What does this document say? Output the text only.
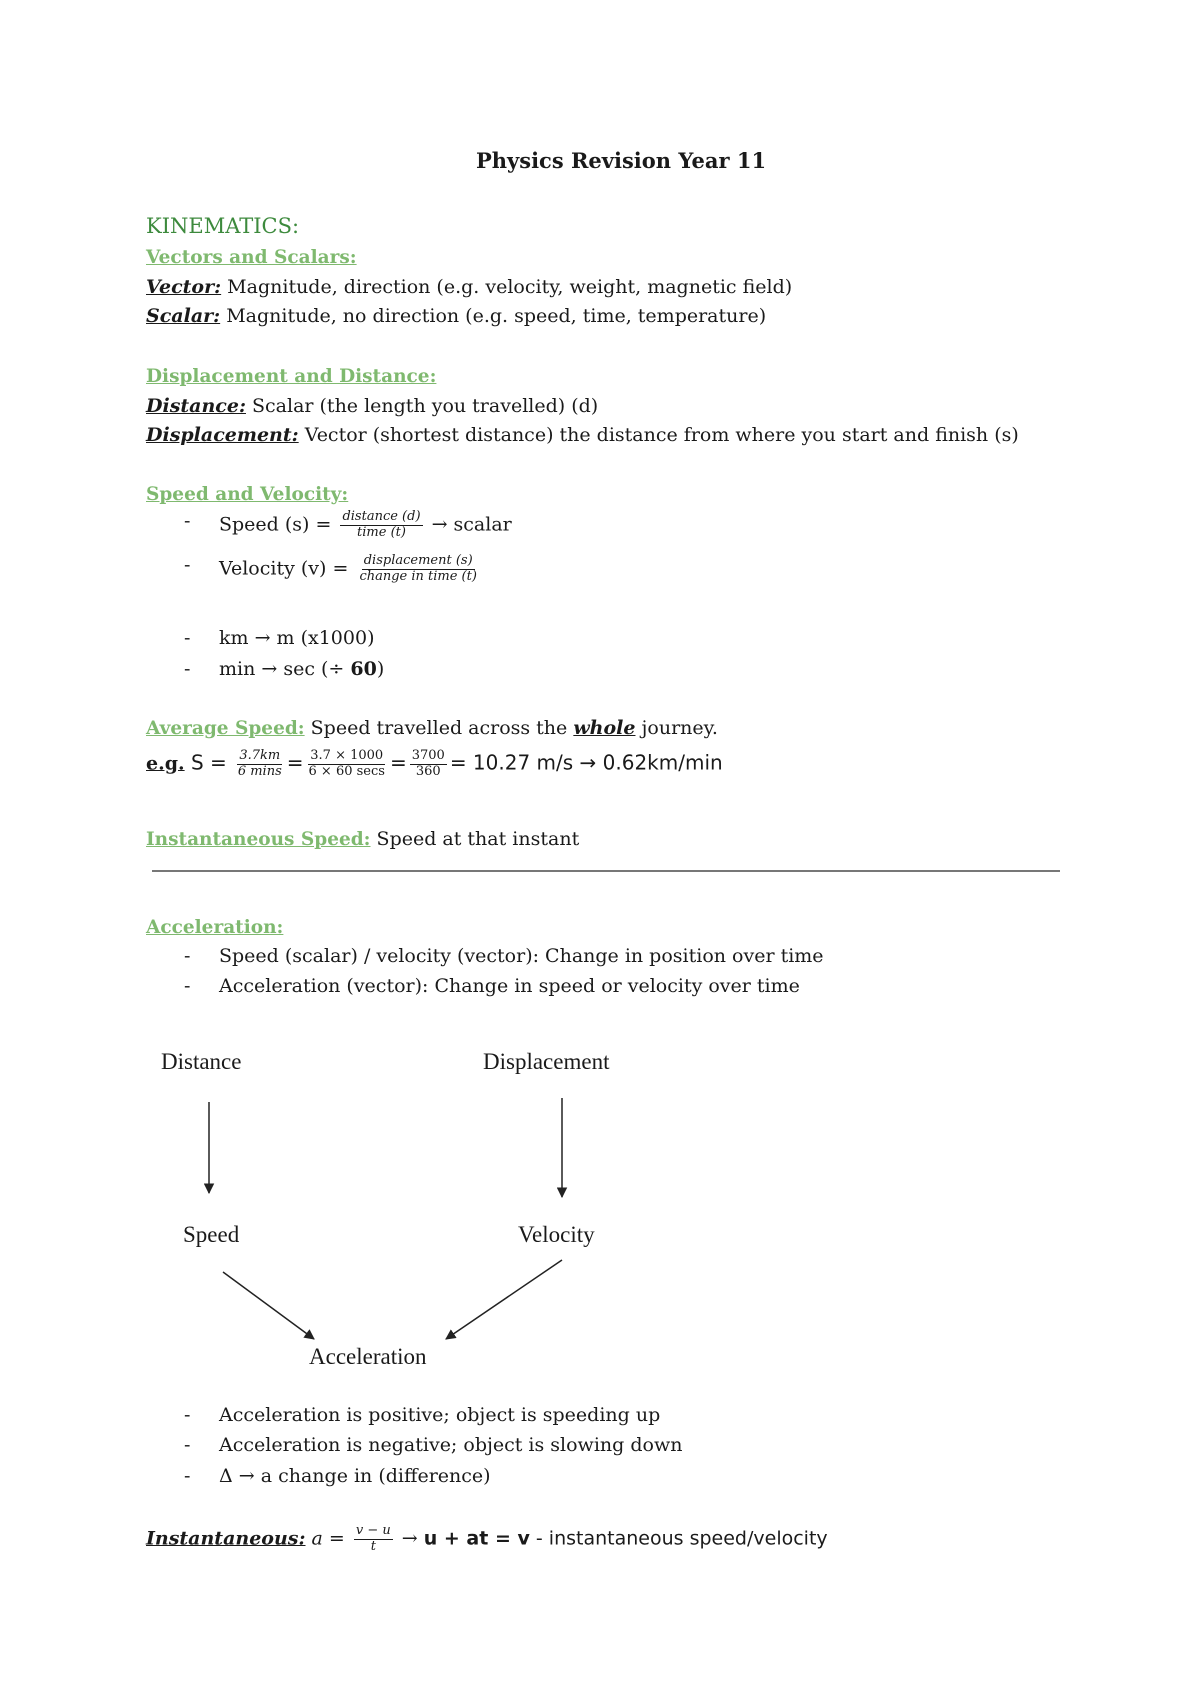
Physics Revision Year 11
KINEMATICS:
Vectors and Scalars:
Vector: Magnitude, direction (e.g. velocity, weight, magnetic field)
Scalar: Magnitude, no direction (e.g. speed, time, temperature)
Displacement and Distance:
Distance: Scalar (the length you travelled) (d)
Displacement: Vector (shortest distance) the distance from where you start and finish (s)
Speed and Velocity:
- Speed $(s) = \frac{\text{distance (d)}}{\text{time (t)}}$ → scalar
- Velocity $(v) = \frac{\text{displacement (s)}}{\text{change in time (t)}}$
- km → m (x1000)
- min → sec (÷ 60)
Average Speed: Speed travelled across the whole journey.
e.g. $S = \frac{3.7km}{6 \min s} = \frac{3.7 \times 1000}{6 \times 60 \sec s} = \frac{3700}{360} = 10.27$ m/s → 0.62km/min
Instantaneous Speed: Speed at that instant
Acceleration:
- Speed (scalar) / velocity (vector): Change in position over time
- Acceleration (vector): Change in speed or velocity over time
Distance	Displacement
Speed	Velocity
Acceleration
- Acceleration is positive; object is speeding up
- Acceleration is negative; object is slowing down
- Δ → a change in (difference)
Instantaneous: $a = \frac{v - u}{t} \to u$ + at = v - instantaneous speed/velocity
